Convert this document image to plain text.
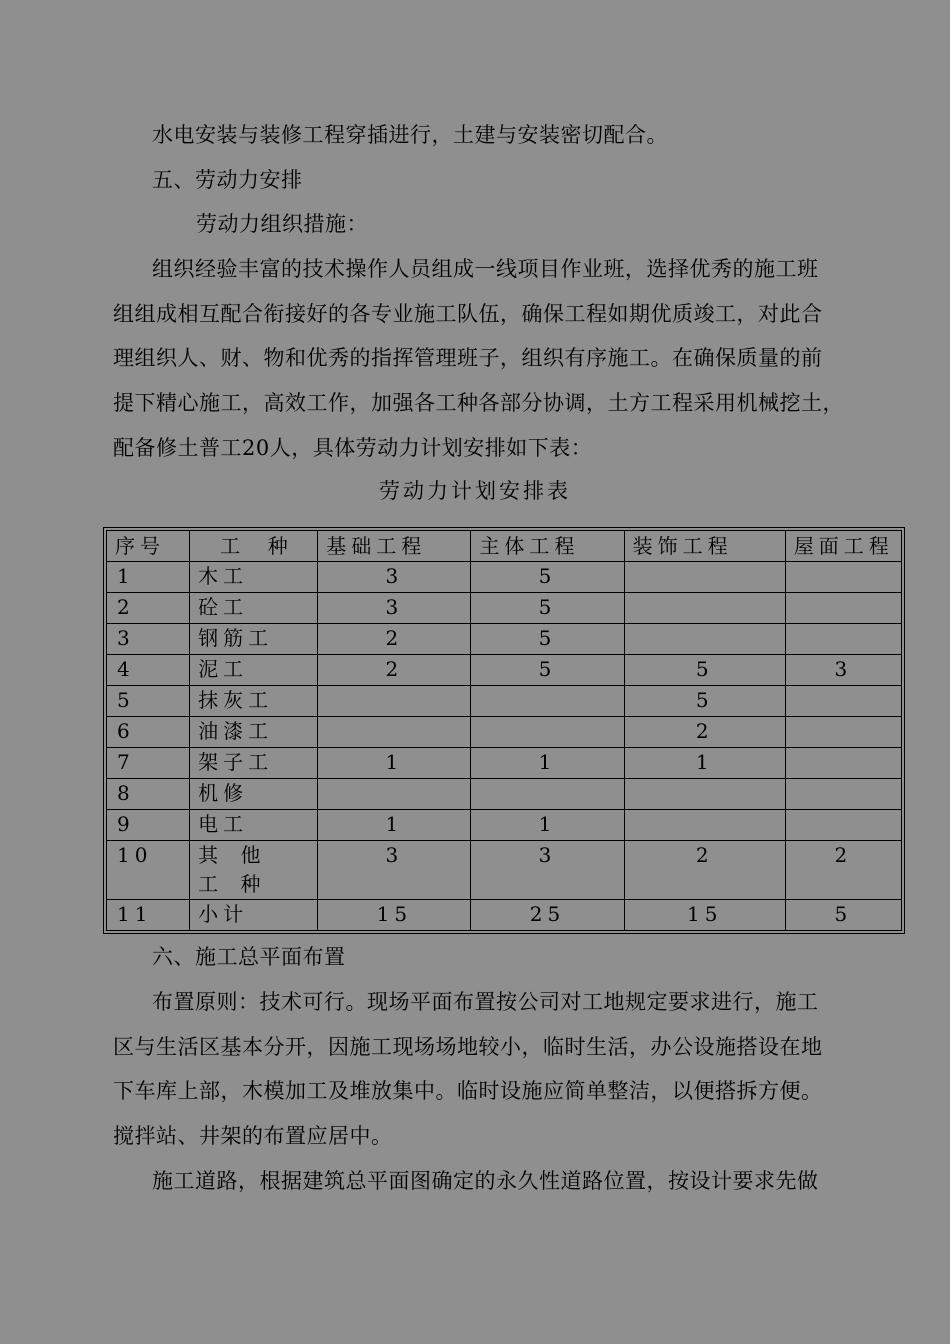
水电安装与装修工程穿插进行，土建与安装密切配合。
五、劳动力安排
劳动力组织措施：
组织经验丰富的技术操作人员组成一线项目作业班，选择优秀的施工班
组组成相互配合衔接好的各专业施工队伍，确保工程如期优质竣工，对此合
理组织人、财、物和优秀的指挥管理班子，组织有序施工。在确保质量的前
提下精心施工，高效工作，加强各工种各部分协调，土方工程采用机械挖土，
配备修土普工20人，具体劳动力计划安排如下表：
劳动力计划安排表
序号	工  种	基础工程	主体工程	装饰工程	屋面工程
1	木工	3	5		
2	砼工	3	5		
3	钢筋工	2	5		
4	泥工	2	5	5	3
5	抹灰工			5	
6	油漆工			2	
7	架子工	1	1	1	
8	机修				
9	电工	1	1		
10	其 他 工 种	3	3	2	2
11	小计	15	25	15	5
六、施工总平面布置
布置原则：技术可行。现场平面布置按公司对工地规定要求进行，施工
区与生活区基本分开，因施工现场场地较小，临时生活，办公设施搭设在地
下车库上部，木模加工及堆放集中。临时设施应简单整洁，以便搭拆方便。
搅拌站、井架的布置应居中。
施工道路，根据建筑总平面图确定的永久性道路位置，按设计要求先做
